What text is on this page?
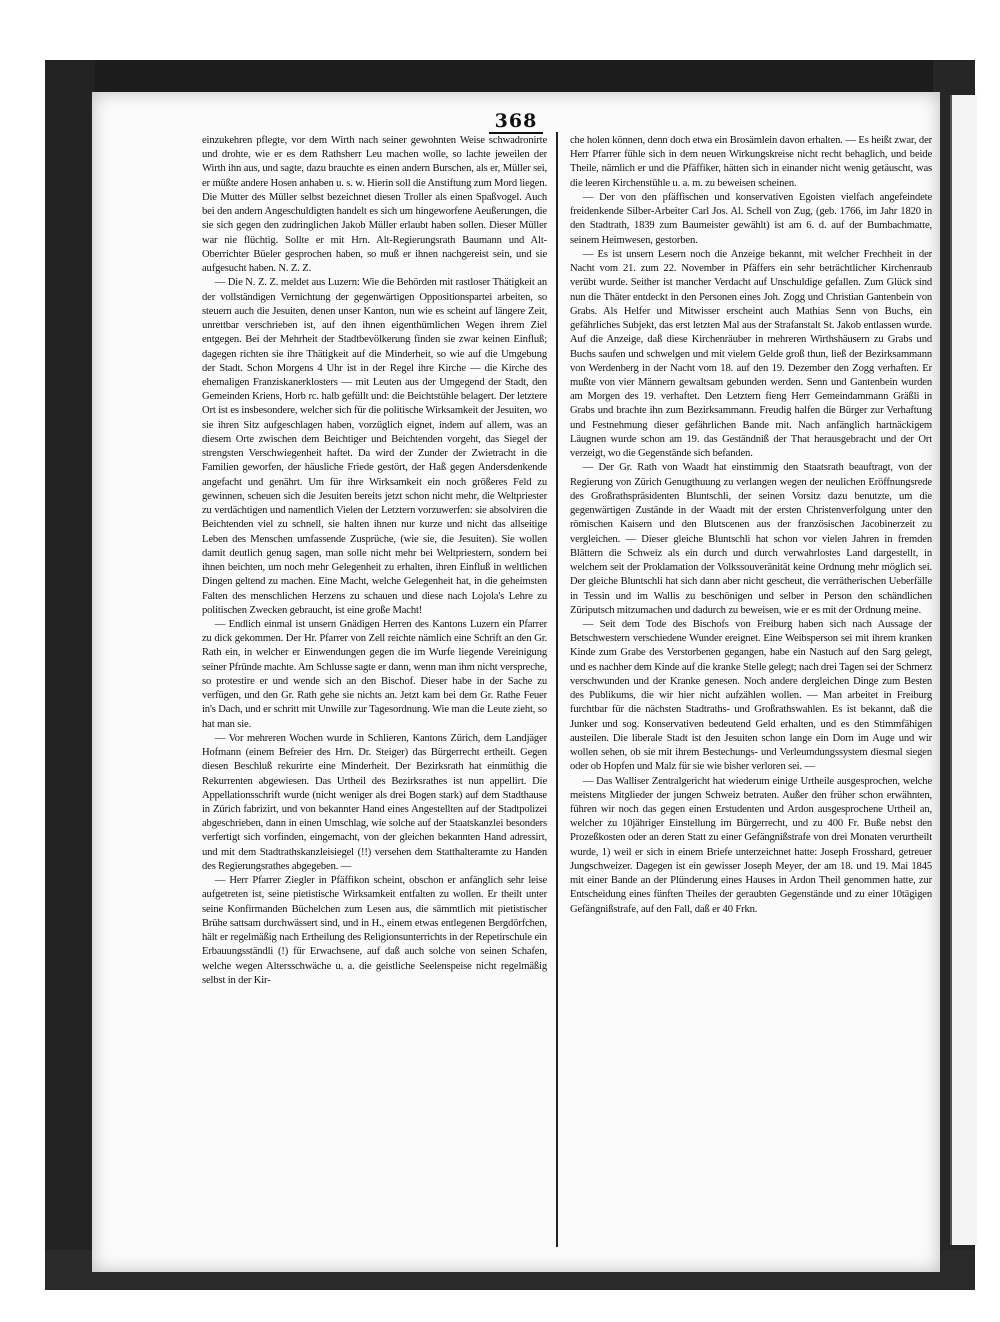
368

einzukehren pflegte, vor dem Wirth nach seiner gewohnten Weise schwadronirte und drohte, wie er es dem Rathsherr Leu machen wolle, so lachte jeweilen der Wirth ihn aus, und sagte, dazu brauchte es einen andern Burschen, als er, Müller sei, er müßte andere Hosen anhaben u. s. w. Hierin soll die Anstiftung zum Mord liegen. Die Mutter des Müller selbst bezeichnet diesen Troller als einen Spaßvogel. Auch bei den andern Angeschuldigten handelt es sich um hingeworfene Aeußerungen, die sie sich gegen den zudringlichen Jakob Müller erlaubt haben sollen. Dieser Müller war nie flüchtig. Sollte er mit Hrn. Alt-Regierungsrath Baumann und Alt-Oberrichter Büeler gesprochen haben, so muß er ihnen nachgereist sein, und sie aufgesucht haben. N. Z. Z.

— Die N. Z. Z. meldet aus Luzern: Wie die Behörden mit rastloser Thätigkeit an der vollständigen Vernichtung der gegenwärtigen Oppositionspartei arbeiten, so steuern auch die Jesuiten, denen unser Kanton, nun wie es scheint auf längere Zeit, unrettbar verschrieben ist, auf den ihnen eigenthümlichen Wegen ihrem Ziel entgegen. Bei der Mehrheit der Stadtbevölkerung finden sie zwar keinen Einfluß; dagegen richten sie ihre Thätigkeit auf die Minderheit, so wie auf die Umgebung der Stadt. Schon Morgens 4 Uhr ist in der Regel ihre Kirche — die Kirche des ehemaligen Franziskanerklosters — mit Leuten aus der Umgegend der Stadt, den Gemeinden Kriens, Horb rc. halb gefüllt und: die Beichtstühle belagert. Der letztere Ort ist es insbesondere, welcher sich für die politische Wirksamkeit der Jesuiten, wo sie ihren Sitz aufgeschlagen haben, vorzüglich eignet, indem auf allem, was an diesem Orte zwischen dem Beichtiger und Beichtenden vorgeht, das Siegel der strengsten Verschwiegenheit haftet. Da wird der Zunder der Zwietracht in die Familien geworfen, der häusliche Friede gestört, der Haß gegen Andersdenkende angefacht und genährt. Um für ihre Wirksamkeit ein noch größeres Feld zu gewinnen, scheuen sich die Jesuiten bereits jetzt schon nicht mehr, die Weltpriester zu verdächtigen und namentlich Vielen der Letztern vorzuwerfen: sie absolviren die Beichtenden viel zu schnell, sie halten ihnen nur kurze und nicht das allseitige Leben des Menschen umfassende Zusprüche, (wie sie, die Jesuiten). Sie wollen damit deutlich genug sagen, man solle nicht mehr bei Weltpriestern, sondern bei ihnen beichten, um noch mehr Gelegenheit zu erhalten, ihren Einfluß in weltlichen Dingen geltend zu machen. Eine Macht, welche Gelegenheit hat, in die geheimsten Falten des menschlichen Herzens zu schauen und diese nach Lojola's Lehre zu politischen Zwecken gebraucht, ist eine große Macht!

— Endlich einmal ist unsern Gnädigen Herren des Kantons Luzern ein Pfarrer zu dick gekommen. Der Hr. Pfarrer von Zell reichte nämlich eine Schrift an den Gr. Rath ein, in welcher er Einwendungen gegen die im Wurfe liegende Vereinigung seiner Pfründe machte. Am Schlusse sagte er dann, wenn man ihm nicht verspreche, so protestire er und wende sich an den Bischof. Dieser habe in der Sache zu verfügen, und den Gr. Rath gehe sie nichts an. Jetzt kam bei dem Gr. Rathe Feuer in's Dach, und er schritt mit Unwille zur Tagesordnung. Wie man die Leute zieht, so hat man sie.

— Vor mehreren Wochen wurde in Schlieren, Kantons Zürich, dem Landjäger Hofmann (einem Befreier des Hrn. Dr. Steiger) das Bürgerrecht ertheilt. Gegen diesen Beschluß rekurirte eine Minderheit. Der Bezirksrath hat einmüthig die Rekurrenten abgewiesen. Das Urtheil des Bezirksrathes ist nun appellirt. Die Appellationsschrift wurde (nicht weniger als drei Bogen stark) auf dem Stadthause in Zürich fabrizirt, und von bekannter Hand eines Angestellten auf der Stadtpolizei abgeschrieben, dann in einen Umschlag, wie solche auf der Staatskanzlei besonders verfertigt sich vorfinden, eingemacht, von der gleichen bekannten Hand adressirt, und mit dem Stadtrathskanzleisiegel (!!) versehen dem Statthalteramte zu Handen des Regierungsrathes abgegeben. —

— Herr Pfarrer Ziegler in Pfäffikon scheint, obschon er anfänglich sehr leise aufgetreten ist, seine pietistische Wirksamkeit entfalten zu wollen. Er theilt unter seine Konfirmanden Büchelchen zum Lesen aus, die sämmtlich mit pietistischer Brühe sattsam durchwässert sind, und in H., einem etwas entlegenen Bergdörfchen, hält er regelmäßig nach Ertheilung des Religionsunterrichts in der Repetirschule ein Erbauungsständli (!) für Erwachsene, auf daß auch solche von seinen Schafen, welche wegen Altersschwäche u. a. die geistliche Seelenspeise nicht regelmäßig selbst in der Kir-

che holen können, denn doch etwa ein Brosämlein davon erhalten. — Es heißt zwar, der Herr Pfarrer fühle sich in dem neuen Wirkungskreise nicht recht behaglich, und beide Theile, nämlich er und die Pfäffiker, hätten sich in einander nicht wenig getäuscht, was die leeren Kirchenstühle u. a. m. zu beweisen scheinen.

— Der von den pfäffischen und konservativen Egoisten vielfach angefeindete freidenkende Silber-Arbeiter Carl Jos. Al. Schell von Zug, (geb. 1766, im Jahr 1820 in den Stadtrath, 1839 zum Baumeister gewählt) ist am 6. d. auf der Bumbachmatte, seinem Heimwesen, gestorben.

— Es ist unsern Lesern noch die Anzeige bekannt, mit welcher Frechheit in der Nacht vom 21. zum 22. November in Pfäffers ein sehr beträchtlicher Kirchenraub verübt wurde. Seither ist mancher Verdacht auf Unschuldige gefallen. Zum Glück sind nun die Thäter entdeckt in den Personen eines Joh. Zogg und Christian Gantenbein von Grabs. Als Helfer und Mitwisser erscheint auch Mathias Senn von Buchs, ein gefährliches Subjekt, das erst letzten Mal aus der Strafanstalt St. Jakob entlassen wurde. Auf die Anzeige, daß diese Kirchenräuber in mehreren Wirthshäusern zu Grabs und Buchs saufen und schwelgen und mit vielem Gelde groß thun, ließ der Bezirksammann von Werdenberg in der Nacht vom 18. auf den 19. Dezember den Zogg verhaften. Er mußte von vier Männern gewaltsam gebunden werden. Senn und Gantenbein wurden am Morgen des 19. verhaftet. Den Letztern fieng Herr Gemeindammann Gräßli in Grabs und brachte ihn zum Bezirksammann. Freudig halfen die Bürger zur Verhaftung und Festnehmung dieser gefährlichen Bande mit. Nach anfänglich hartnäckigem Läugnen wurde schon am 19. das Geständniß der That herausgebracht und der Ort verzeigt, wo die Gegenstände sich befanden.

— Der Gr. Rath von Waadt hat einstimmig den Staatsrath beauftragt, von der Regierung von Zürich Genugthuung zu verlangen wegen der neulichen Eröffnungsrede des Großrathspräsidenten Bluntschli, der seinen Vorsitz dazu benutzte, um die gegenwärtigen Zustände in der Waadt mit der ersten Christenverfolgung unter den römischen Kaisern und den Blutscenen aus der französischen Jacobinerzeit zu vergleichen. — Dieser gleiche Bluntschli hat schon vor vielen Jahren in fremden Blättern die Schweiz als ein durch und durch verwahrlostes Land dargestellt, in welchem seit der Proklamation der Volkssouveränität keine Ordnung mehr möglich sei. Der gleiche Bluntschli hat sich dann aber nicht gescheut, die verrätherischen Ueberfälle in Tessin und im Wallis zu beschönigen und selber in Person den schändlichen Züriputsch mitzumachen und dadurch zu beweisen, wie er es mit der Ordnung meine.

— Seit dem Tode des Bischofs von Freiburg haben sich nach Aussage der Betschwestern verschiedene Wunder ereignet. Eine Weibsperson sei mit ihrem kranken Kinde zum Grabe des Verstorbenen gegangen, habe ein Nastuch auf den Sarg gelegt, und es nachher dem Kinde auf die kranke Stelle gelegt; nach drei Tagen sei der Schmerz verschwunden und der Kranke genesen. Noch andere dergleichen Dinge zum Besten des Publikums, die wir hier nicht aufzählen wollen. — Man arbeitet in Freiburg furchtbar für die nächsten Stadtraths- und Großrathswahlen. Es ist bekannt, daß die Junker und sog. Konservativen bedeutend Geld erhalten, und es den Stimmfähigen austeilen. Die liberale Stadt ist den Jesuiten schon lange ein Dorn im Auge und wir wollen sehen, ob sie mit ihrem Bestechungs- und Verleumdungssystem diesmal siegen oder ob Hopfen und Malz für sie wie bisher verloren sei. —

— Das Walliser Zentralgericht hat wiederum einige Urtheile ausgesprochen, welche meistens Mitglieder der jungen Schweiz betraten. Außer den früher schon erwähnten, führen wir noch das gegen einen Erstudenten und Ardon ausgesprochene Urtheil an, welcher zu 10jähriger Einstellung im Bürgerrecht, und zu 400 Fr. Buße nebst den Prozeßkosten oder an deren Statt zu einer Gefängnißstrafe von drei Monaten verurtheilt wurde, 1) weil er sich in einem Briefe unterzeichnet hatte: Joseph Frosshard, getreuer Jungschweizer. Dagegen ist ein gewisser Joseph Meyer, der am 18. und 19. Mai 1845 mit einer Bande an der Plünderung eines Hauses in Ardon Theil genommen hatte, zur Entscheidung eines fünften Theiles der geraubten Gegenstände und zu einer 10tägigen Gefängnißstrafe, auf den Fall, daß er 40 Frkn.
